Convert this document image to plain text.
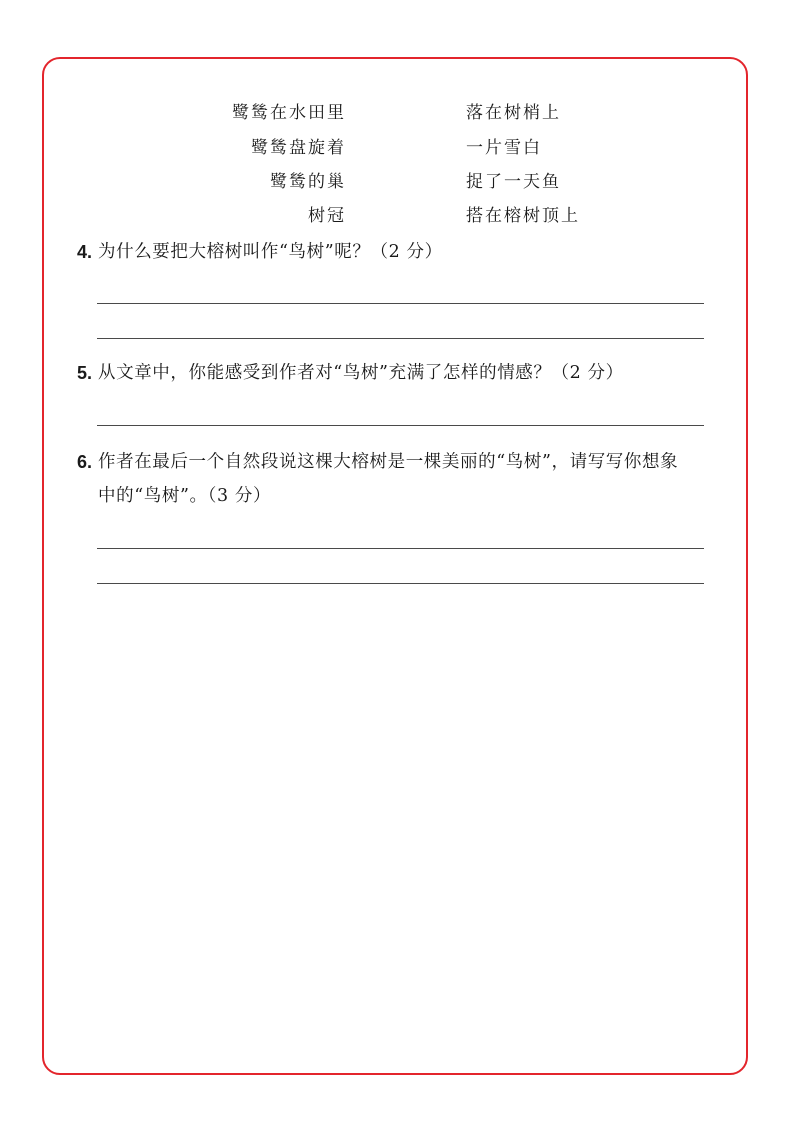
鹭鸶在水田里	落在树梢上
鹭鸶盘旋着	一片雪白
鹭鸶的巢	捉了一天鱼
树冠	搭在榕树顶上
4. 为什么要把大榕树叫作“鸟树”呢？（2 分）
5. 从文章中，你能感受到作者对“鸟树”充满了怎样的情感？（2 分）
6. 作者在最后一个自然段说这棵大榕树是一棵美丽的“鸟树”，请写写你想象
中的“鸟树”。（3 分）
